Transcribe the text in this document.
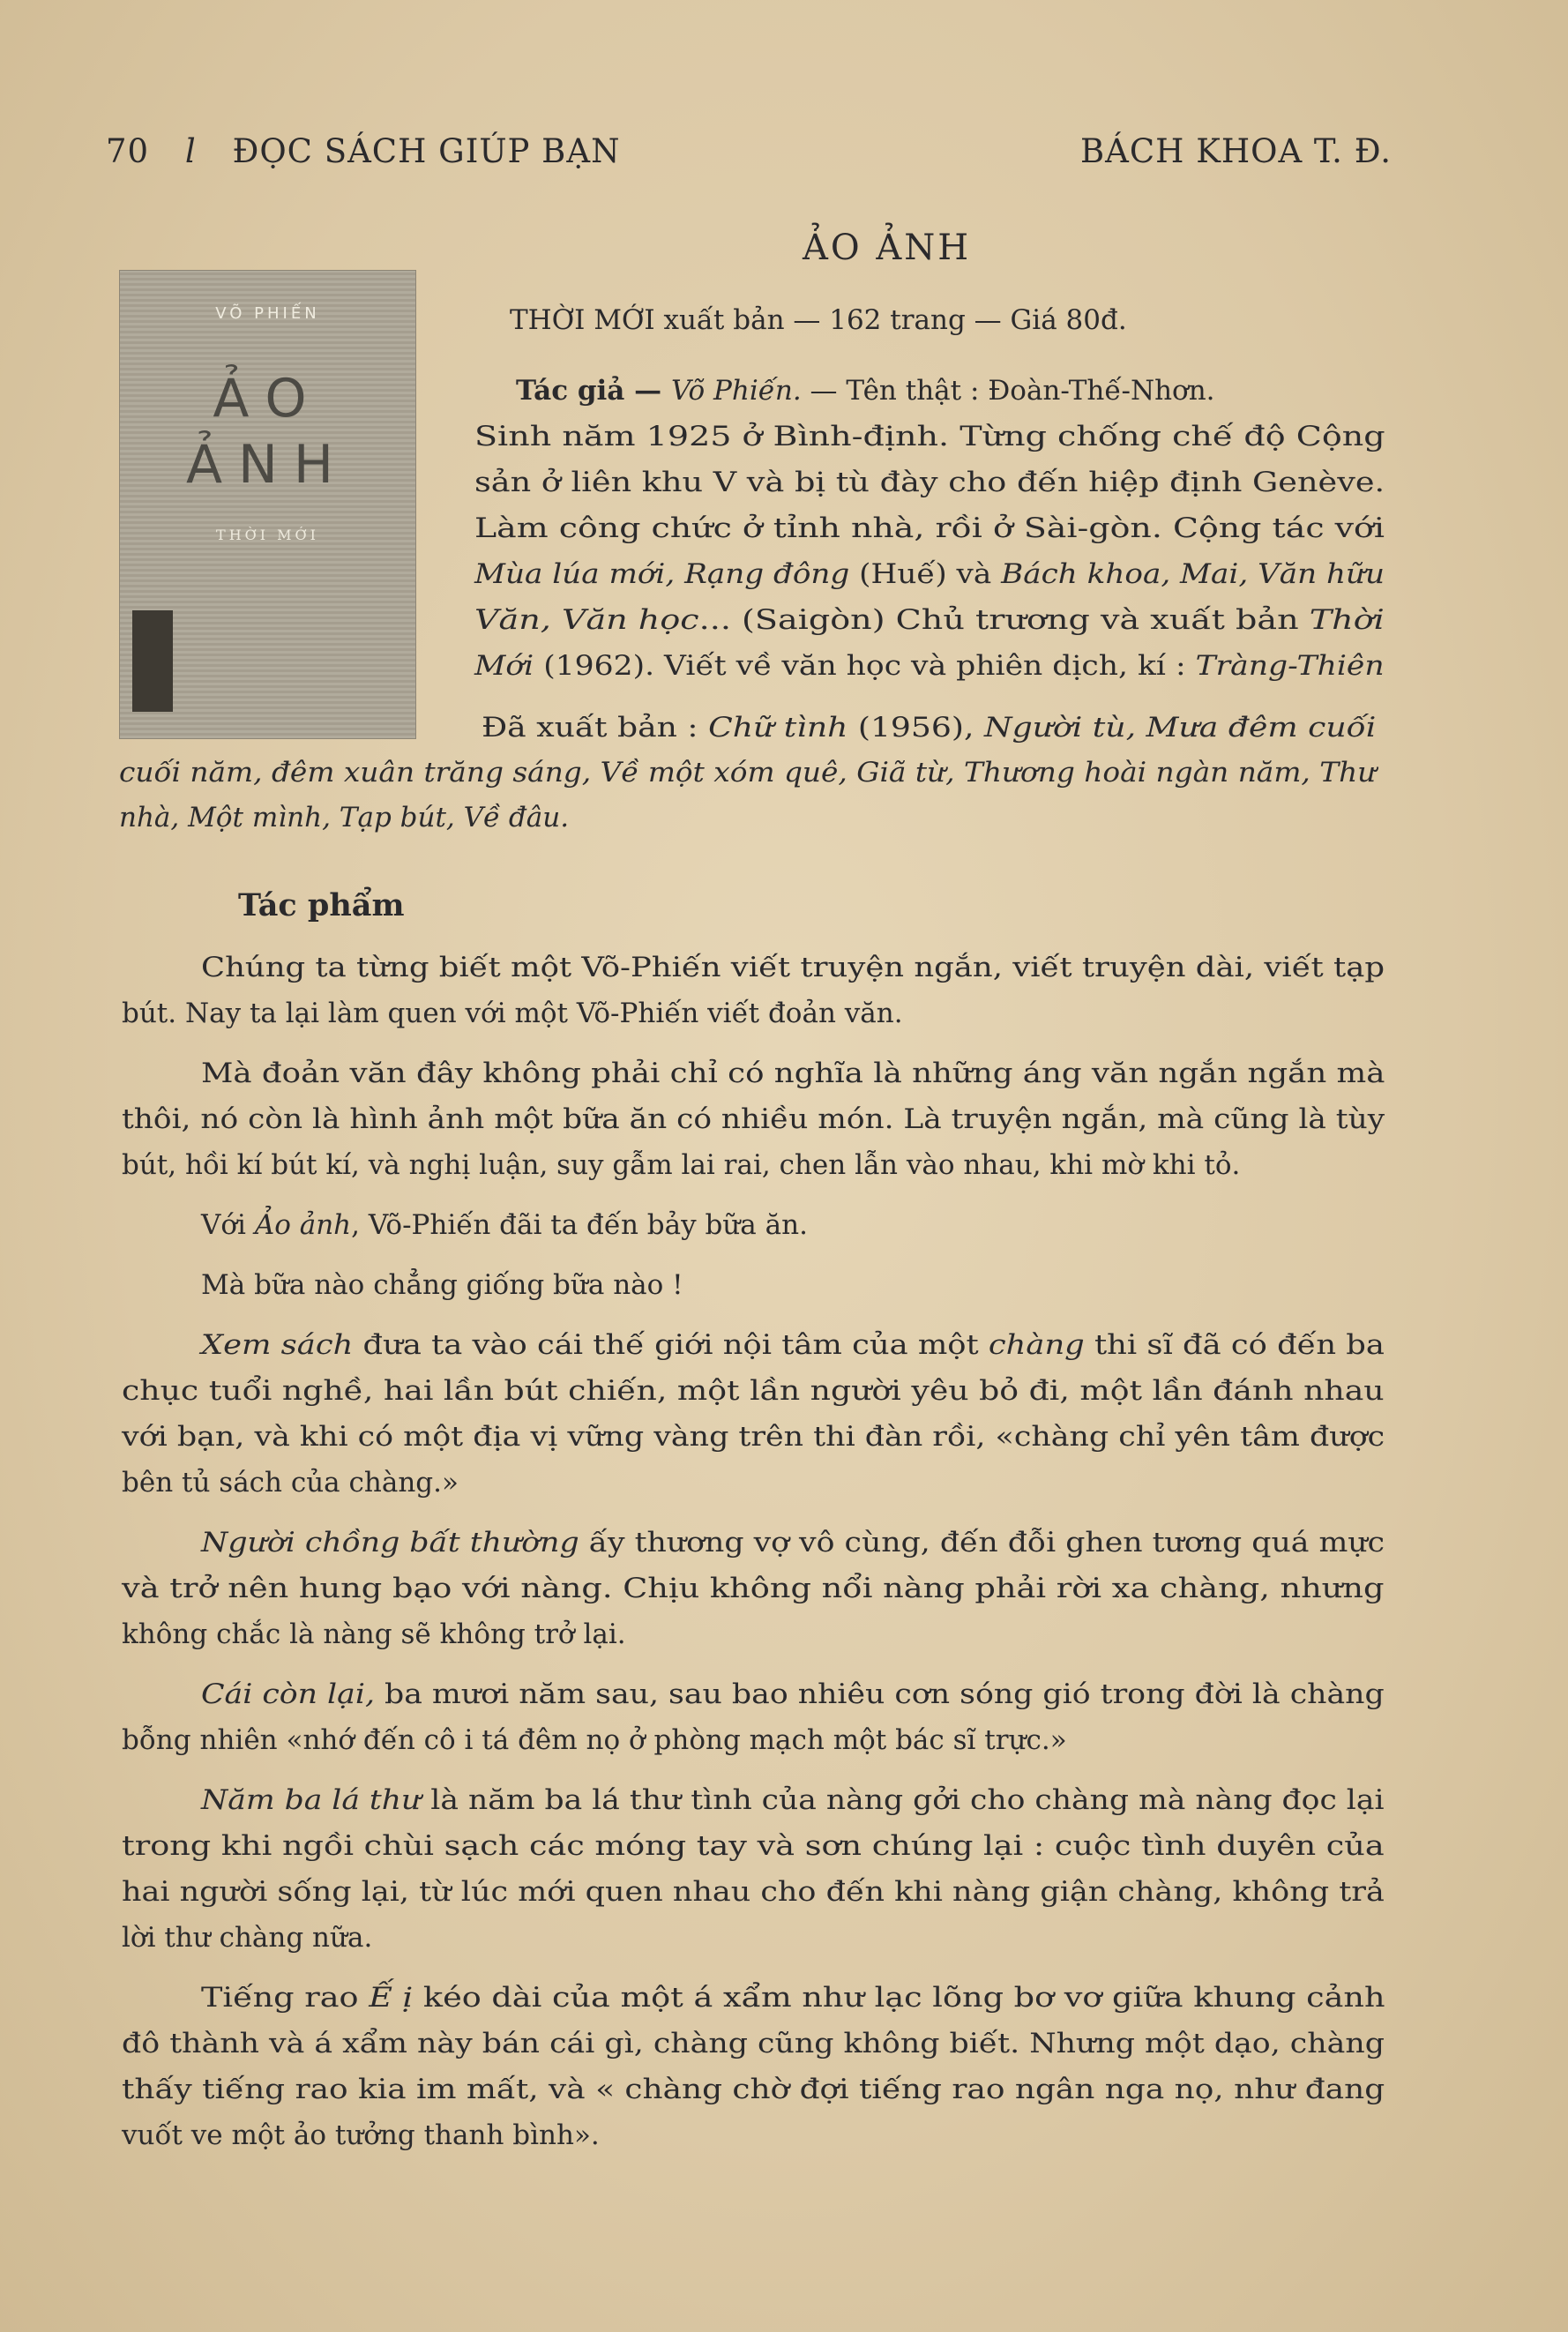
70 l ĐỌC SÁCH GIÚP BẠN	BÁCH KHOA T. Đ.
ẢO ẢNH
VÕ PHIẾN
ẢO
ẢNH
THỜI MỚI
THỜI MỚI xuất bản — 162 trang — Giá 80đ.
Tác giả — Võ Phiến. — Tên thật : Đoàn-Thế-Nhơn.
Sinh năm 1925 ở Bình-định. Từng chống chế độ Cộng
sản ở liên khu V và bị tù đày cho đến hiệp định Genève.
Làm công chức ở tỉnh nhà, rồi ở Sài-gòn. Cộng tác với
Mùa lúa mới, Rạng đông (Huế) và Bách khoa, Mai, Văn hữu
Văn, Văn học... (Saigòn) Chủ trương và xuất bản Thời
Mới (1962). Viết về văn học và phiên dịch, kí : Tràng-Thiên
Đã xuất bản : Chữ tình (1956), Người tù, Mưa đêm cuối
cuối năm, đêm xuân trăng sáng, Về một xóm quê, Giã từ, Thương hoài ngàn năm, Thư
nhà, Một mình, Tạp bút, Về đâu.
Tác phẩm
Chúng ta từng biết một Võ-Phiến viết truyện ngắn, viết truyện dài, viết tạp
bút. Nay ta lại làm quen với một Võ-Phiến viết đoản văn.
Mà đoản văn đây không phải chỉ có nghĩa là những áng văn ngắn ngắn mà
thôi, nó còn là hình ảnh một bữa ăn có nhiều món. Là truyện ngắn, mà cũng là tùy
bút, hồi kí bút kí, và nghị luận, suy gẫm lai rai, chen lẫn vào nhau, khi mờ khi tỏ.
Với Ảo ảnh, Võ-Phiến đãi ta đến bảy bữa ăn.
Mà bữa nào chẳng giống bữa nào !
Xem sách đưa ta vào cái thế giới nội tâm của một chàng thi sĩ đã có đến ba
chục tuổi nghề, hai lần bút chiến, một lần người yêu bỏ đi, một lần đánh nhau
với bạn, và khi có một địa vị vững vàng trên thi đàn rồi, «chàng chỉ yên tâm được
bên tủ sách của chàng.»
Người chồng bất thường ấy thương vợ vô cùng, đến đỗi ghen tương quá mực
và trở nên hung bạo với nàng. Chịu không nổi nàng phải rời xa chàng, nhưng
không chắc là nàng sẽ không trở lại.
Cái còn lại, ba mươi năm sau, sau bao nhiêu cơn sóng gió trong đời là chàng
bỗng nhiên «nhớ đến cô i tá đêm nọ ở phòng mạch một bác sĩ trực.»
Năm ba lá thư là năm ba lá thư tình của nàng gởi cho chàng mà nàng đọc lại
trong khi ngồi chùi sạch các móng tay và sơn chúng lại : cuộc tình duyên của
hai người sống lại, từ lúc mới quen nhau cho đến khi nàng giận chàng, không trả
lời thư chàng nữa.
Tiếng rao Ế ị kéo dài của một á xẩm như lạc lõng bơ vơ giữa khung cảnh
đô thành và á xẩm này bán cái gì, chàng cũng không biết. Nhưng một dạo, chàng
thấy tiếng rao kia im mất, và « chàng chờ đợi tiếng rao ngân nga nọ, như đang
vuốt ve một ảo tưởng thanh bình».
